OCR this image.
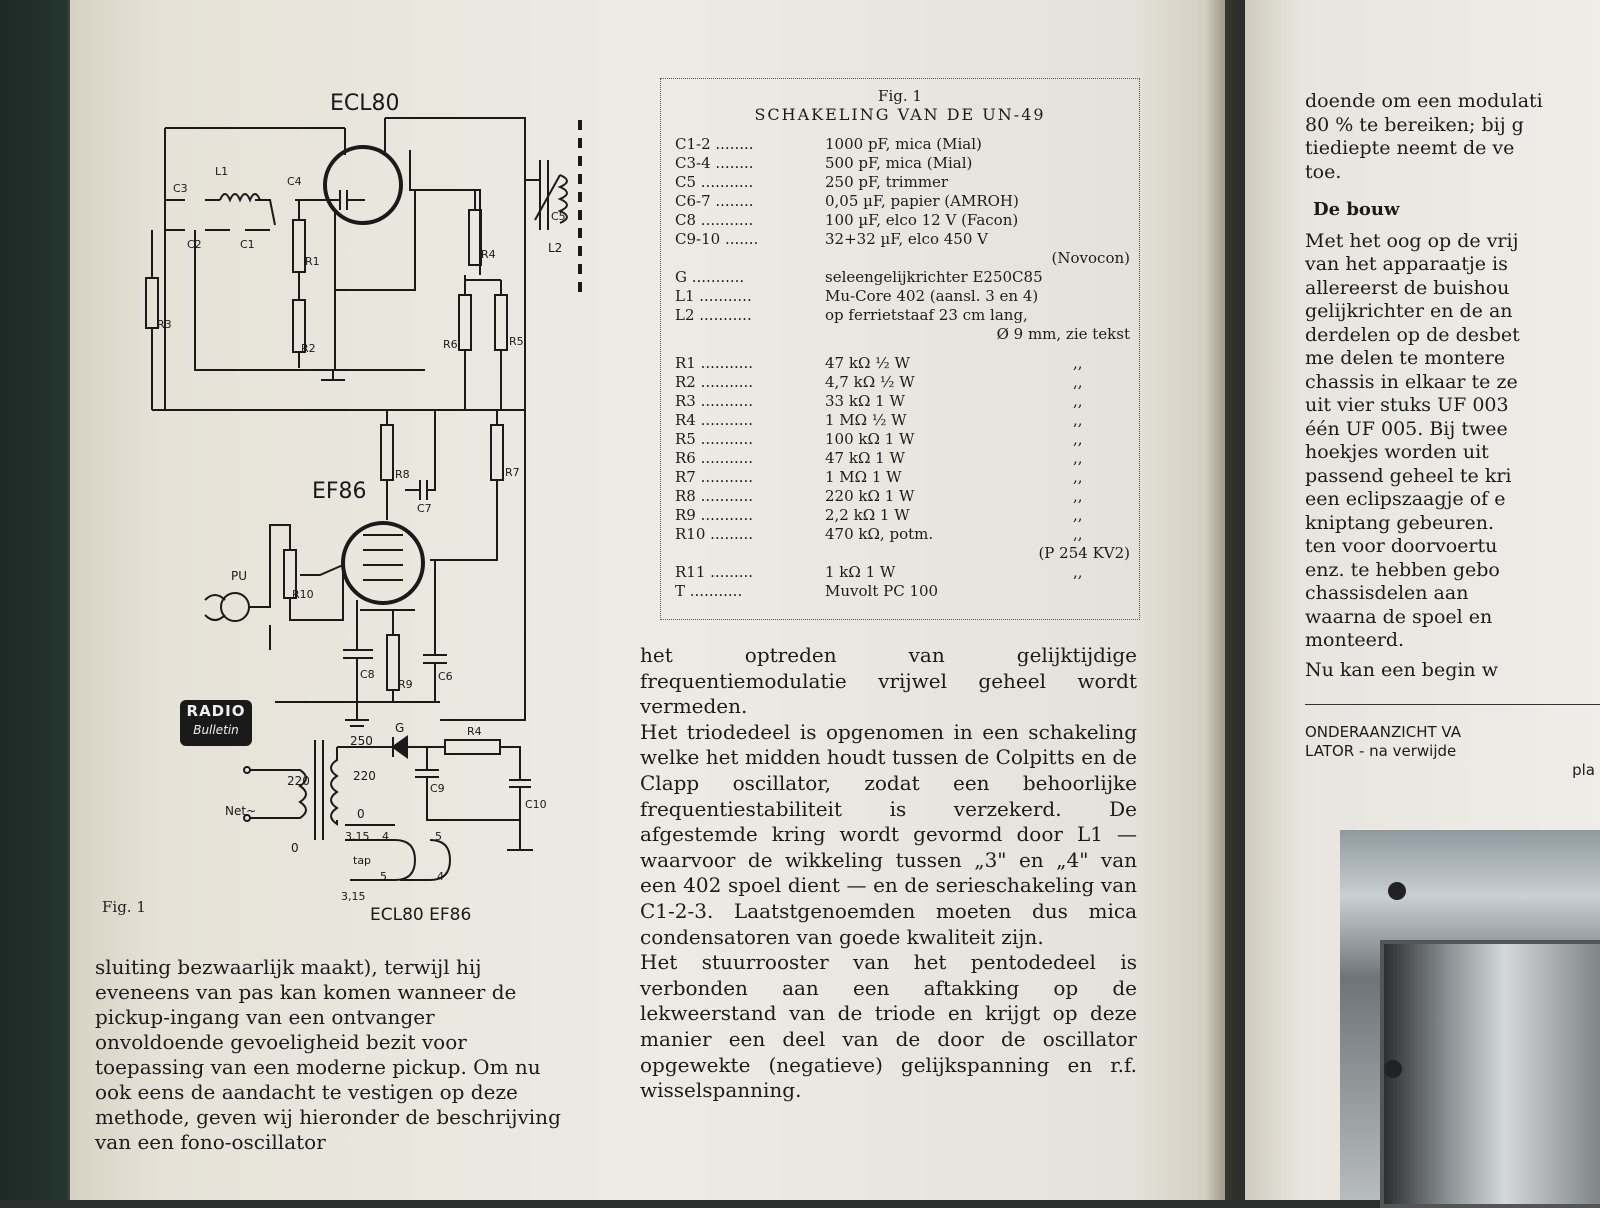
ECL80
EF86
L1
C3
C4
C2	C1
C5
L2
R1
R2
R3
R4
R6	R5
R8	R7
C7
PU
R10
C8
R9
C6
G	R4
250
220
220
Net~	0
0
C9
C10
3,15 4	5
tap
5	4
3,15
ECL80 EF86
RADIO
Bulletin
Fig. 1
Fig. 1
SCHAKELING VAN DE UN-49
C1-2 ........	1000 pF, mica (Mial)
C3-4 ........	500 pF, mica (Mial)
C5 ...........	250 pF, trimmer
C6-7 ........	0,05 µF, papier (AMROH)
C8 ...........	100 µF, elco 12 V (Facon)
C9-10 .......	32+32 µF, elco 450 V
(Novocon)
G ...........	seleengelijkrichter E250C85
L1 ...........	Mu-Core 402 (aansl. 3 en 4)
L2 ...........	op ferrietstaaf 23 cm lang,
Ø 9 mm, zie tekst
R1 ...........	47 kΩ ½ W	,,
R2 ...........	4,7 kΩ ½ W	,,
R3 ...........	33 kΩ 1 W	,,
R4 ...........	1 MΩ ½ W	,,
R5 ...........	100 kΩ 1 W	,,
R6 ...........	47 kΩ 1 W	,,
R7 ...........	1 MΩ 1 W	,,
R8 ...........	220 kΩ 1 W	,,
R9 ...........	2,2 kΩ 1 W	,,
R10 .........	470 kΩ, potm.	,,
(P 254 KV2)
R11 .........	1 kΩ 1 W	,,
T ...........	Muvolt PC 100
sluiting bezwaarlijk maakt), terwijl hij eveneens van pas kan komen wanneer de pickup-ingang van een ontvanger onvoldoende gevoeligheid bezit voor toepassing van een moderne pickup. Om nu ook eens de aandacht te vestigen op deze methode, geven wij hieronder de beschrijving van een fono-oscillator

het optreden van gelijktijdige frequentiemodulatie vrijwel geheel wordt vermeden.

Het triodedeel is opgenomen in een schakeling welke het midden houdt tussen de Colpitts en de Clapp oscillator, zodat een behoorlijke frequentiestabiliteit is verzekerd. De afgestemde kring wordt gevormd door L1 — waarvoor de wikkeling tussen „3" en „4" van een 402 spoel dient — en de serieschakeling van C1-2-3. Laatstgenoemden moeten dus mica condensatoren van goede kwaliteit zijn.

Het stuurrooster van het pentodedeel is verbonden aan een aftakking op de lekweerstand van de triode en krijgt op deze manier een deel van de door de oscillator opgewekte (negatieve) gelijkspanning en r.f. wisselspanning.

doende om een modulati
80 % te bereiken; bij g
tiediepte neemt de ve
toe.
De bouw
Met het oog op de vrij
van het apparaatje is
allereerst de buishou
gelijkrichter en de an
derdelen op de desbet
me delen te montere
chassis in elkaar te ze
uit vier stuks UF 003
één UF 005. Bij twee
hoekjes worden uit
passend geheel te kri
een eclipszaagje of e
kniptang gebeuren.
ten voor doorvoertu
enz. te hebben gebo
chassisdelen aan
waarna de spoel en
monteerd.
Nu kan een begin w
ONDERAANZICHT VA
LATOR - na verwijde
pla
